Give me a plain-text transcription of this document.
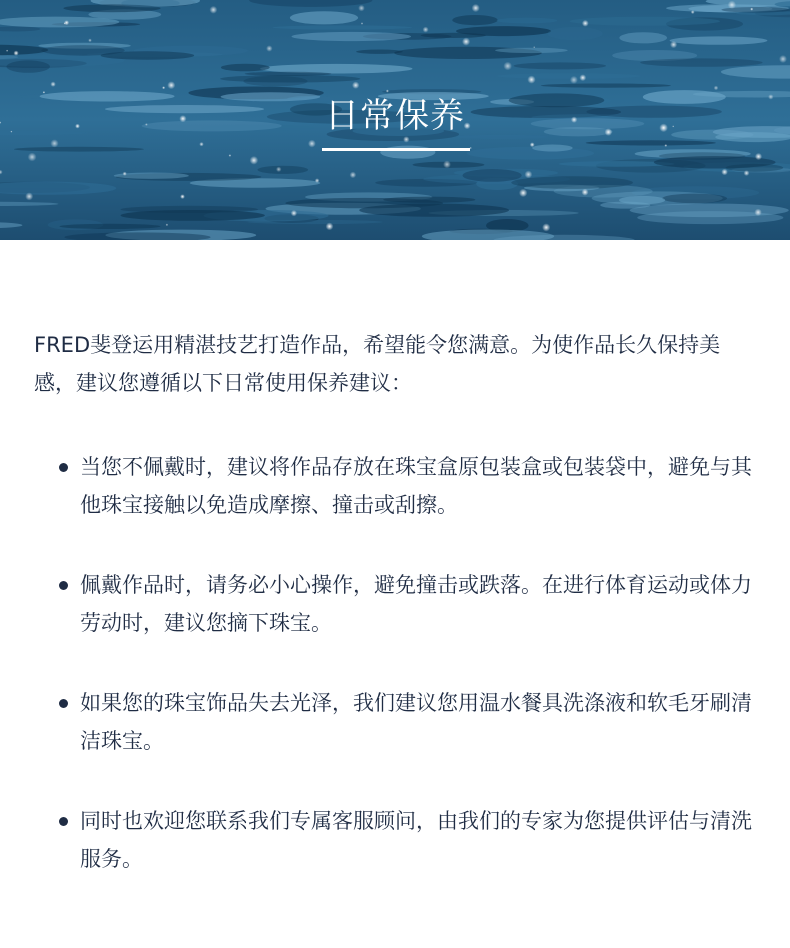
日常保养

FRED斐登运用精湛技艺打造作品，希望能令您满意。为使作品长久保持美感，建议您遵循以下日常使用保养建议：

当您不佩戴时，建议将作品存放在珠宝盒原包装盒或包装袋中，避免与其他珠宝接触以免造成摩擦、撞击或刮擦。
佩戴作品时，请务必小心操作，避免撞击或跌落。在进行体育运动或体力劳动时，建议您摘下珠宝。
如果您的珠宝饰品失去光泽，我们建议您用温水餐具洗涤液和软毛牙刷清洁珠宝。
同时也欢迎您联系我们专属客服顾问，由我们的专家为您提供评估与清洗服务。
